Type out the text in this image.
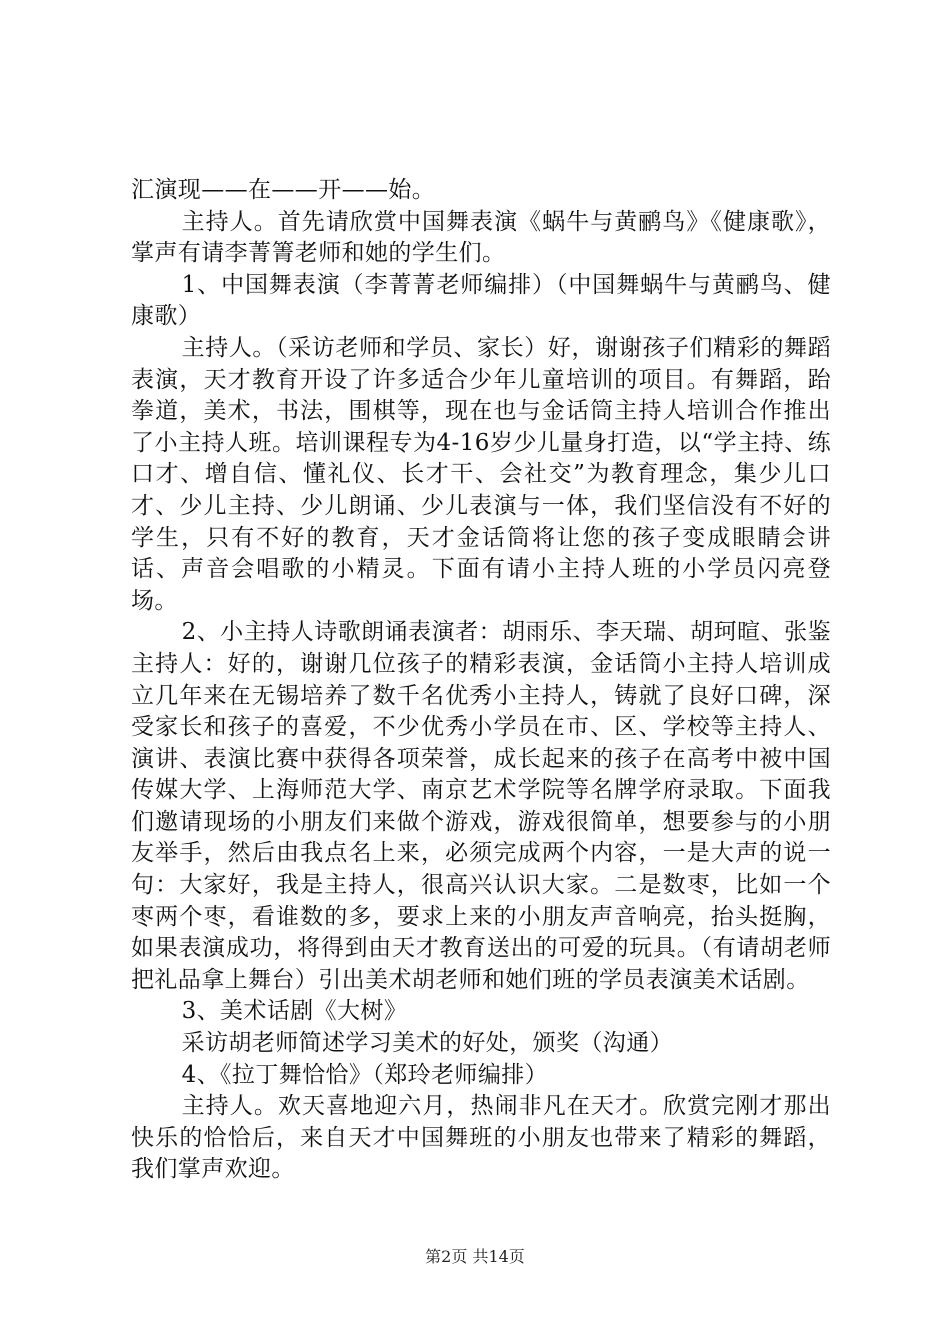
汇演现——在——开——始。

主持人。首先请欣赏中国舞表演《蜗牛与黄鹂鸟》《健康歌》，掌声有请李菁箐老师和她的学生们。

1、中国舞表演（李菁菁老师编排）（中国舞蜗牛与黄鹂鸟、健康歌）

主持人。（采访老师和学员、家长）好，谢谢孩子们精彩的舞蹈表演，天才教育开设了许多适合少年儿童培训的项目。有舞蹈，跆拳道，美术，书法，围棋等，现在也与金话筒主持人培训合作推出了小主持人班。培训课程专为4-16岁少儿量身打造，以“学主持、练口才、增自信、懂礼仪、长才干、会社交”为教育理念，集少儿口才、少儿主持、少儿朗诵、少儿表演与一体，我们坚信没有不好的学生，只有不好的教育，天才金话筒将让您的孩子变成眼睛会讲话、声音会唱歌的小精灵。下面有请小主持人班的小学员闪亮登场。

2、小主持人诗歌朗诵表演者：胡雨乐、李天瑞、胡珂暄、张鉴主持人：好的，谢谢几位孩子的精彩表演，金话筒小主持人培训成立几年来在无锡培养了数千名优秀小主持人，铸就了良好口碑，深受家长和孩子的喜爱，不少优秀小学员在市、区、学校等主持人、演讲、表演比赛中获得各项荣誉，成长起来的孩子在高考中被中国传媒大学、上海师范大学、南京艺术学院等名牌学府录取。下面我们邀请现场的小朋友们来做个游戏，游戏很简单，想要参与的小朋友举手，然后由我点名上来，必须完成两个内容，一是大声的说一句：大家好，我是主持人，很高兴认识大家。二是数枣，比如一个枣两个枣，看谁数的多，要求上来的小朋友声音响亮，抬头挺胸，如果表演成功，将得到由天才教育送出的可爱的玩具。（有请胡老师把礼品拿上舞台）引出美术胡老师和她们班的学员表演美术话剧。

3、美术话剧《大树》

采访胡老师简述学习美术的好处，颁奖（沟通）

4、《拉丁舞恰恰》（郑玲老师编排）

主持人。欢天喜地迎六月，热闹非凡在天才。欣赏完刚才那出快乐的恰恰后，来自天才中国舞班的小朋友也带来了精彩的舞蹈，我们掌声欢迎。

第2页 共14页
